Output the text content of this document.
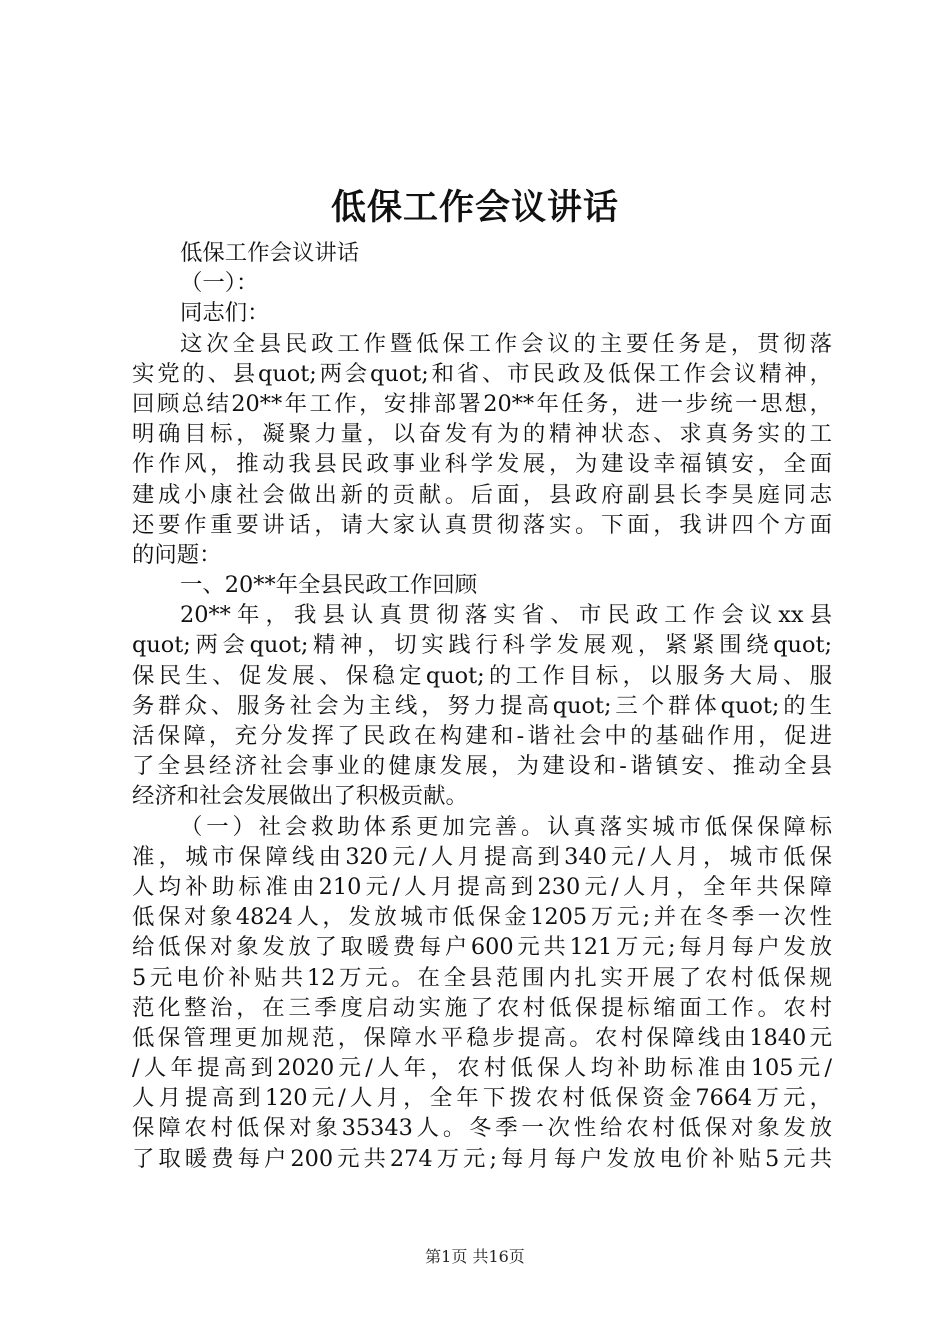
低保工作会议讲话
低保工作会议讲话
（一）：
同志们：
这次全县民政工作暨低保工作会议的主要任务是，贯彻落
实党的、县quot;两会quot;和省、市民政及低保工作会议精神，
回顾总结20**年工作，安排部署20**年任务，进一步统一思想，
明确目标，凝聚力量，以奋发有为的精神状态、求真务实的工
作作风，推动我县民政事业科学发展，为建设幸福镇安，全面
建成小康社会做出新的贡献。后面，县政府副县长李昊庭同志
还要作重要讲话，请大家认真贯彻落实。下面，我讲四个方面
的问题：
一、20**年全县民政工作回顾
20**年，我县认真贯彻落实省、市民政工作会议xx县
quot;两会quot;精神，切实践行科学发展观，紧紧围绕quot;
保民生、促发展、保稳定quot;的工作目标，以服务大局、服
务群众、服务社会为主线，努力提高quot;三个群体quot;的生
活保障，充分发挥了民政在构建和-谐社会中的基础作用，促进
了全县经济社会事业的健康发展，为建设和-谐镇安、推动全县
经济和社会发展做出了积极贡献。
（一）社会救助体系更加完善。认真落实城市低保保障标
准，城市保障线由320元/人月提高到340元/人月，城市低保
人均补助标准由210元/人月提高到230元/人月，全年共保障
低保对象4824人，发放城市低保金1205万元;并在冬季一次性
给低保对象发放了取暖费每户600元共121万元;每月每户发放
5元电价补贴共12万元。在全县范围内扎实开展了农村低保规
范化整治，在三季度启动实施了农村低保提标缩面工作。农村
低保管理更加规范，保障水平稳步提高。农村保障线由1840元
/人年提高到2020元/人年，农村低保人均补助标准由105元/
人月提高到120元/人月，全年下拨农村低保资金7664万元，
保障农村低保对象35343人。冬季一次性给农村低保对象发放
了取暖费每户200元共274万元;每月每户发放电价补贴5元共
第1页 共16页
